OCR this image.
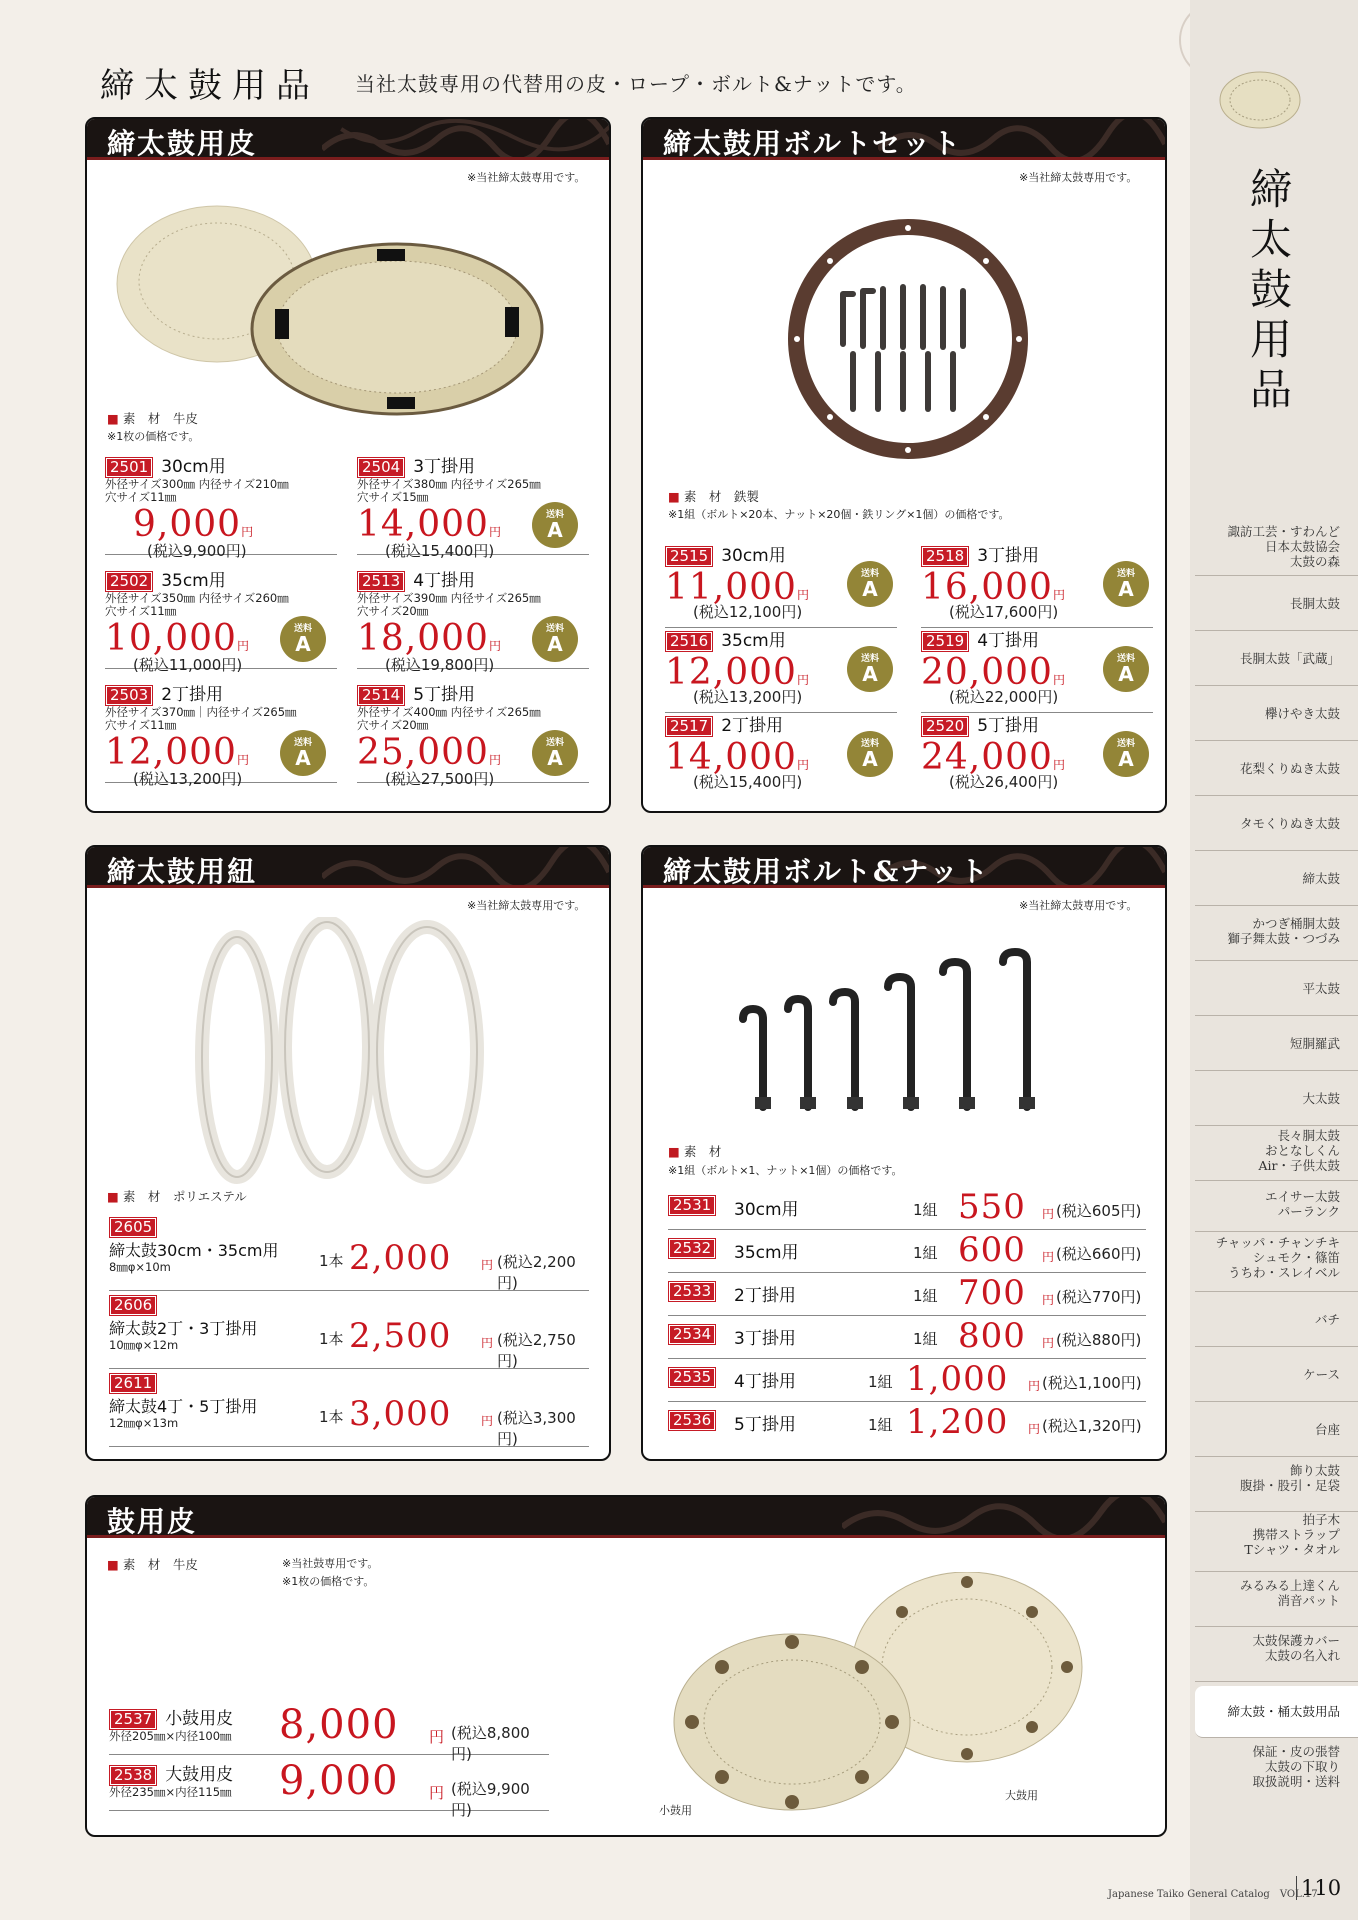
締太鼓用品 当社太鼓専用の代替用の皮・ロープ・ボルト&ナットです。
締太鼓用皮
※当社締太鼓専用です。
■ 素　材　牛皮
※1枚の価格です。
2501 30cm用
外径サイズ300㎜ 内径サイズ210㎜
穴サイズ11㎜
9,000円
(税込9,900円)
2504 3丁掛用
外径サイズ380㎜ 内径サイズ265㎜
穴サイズ15㎜
14,000円
(税込15,400円)
送料
A
2502 35cm用
外径サイズ350㎜ 内径サイズ260㎜
穴サイズ11㎜
10,000円
(税込11,000円)
送料
A
2513 4丁掛用
外径サイズ390㎜ 内径サイズ265㎜
穴サイズ20㎜
18,000円
(税込19,800円)
送料
A
2503 2丁掛用
外径サイズ370㎜｜内径サイズ265㎜
穴サイズ11㎜
12,000円
(税込13,200円)
送料
A
2514 5丁掛用
外径サイズ400㎜ 内径サイズ265㎜
穴サイズ20㎜
25,000円
(税込27,500円)
送料
A
締太鼓用ボルトセット
※当社締太鼓専用です。
■ 素　材　鉄製
※1組（ボルト×20本、ナット×20個・鉄リング×1個）の価格です。
2515 30cm用
11,000円
(税込12,100円)
送料
A
2518 3丁掛用
16,000円
(税込17,600円)
送料
A
2516 35cm用
12,000円
(税込13,200円)
送料
A
2519 4丁掛用
20,000円
(税込22,000円)
送料
A
2517 2丁掛用
14,000円
(税込15,400円)
送料
A
2520 5丁掛用
24,000円
(税込26,400円)
送料
A
締太鼓用紐
※当社締太鼓専用です。
■ 素　材　ポリエステル
2605
締太鼓30cm・35cm用
8㎜φ×10m	1本 2,000 円 (税込2,200円)
2606
締太鼓2丁・3丁掛用
10㎜φ×12m	1本 2,500 円 (税込2,750円)
2611
締太鼓4丁・5丁掛用
12㎜φ×13m	1本 3,000 円 (税込3,300円)
締太鼓用ボルト&ナット
※当社締太鼓専用です。
■ 素　材
※1組（ボルト×1、ナット×1個）の価格です。
2531 30cm用	1組 550 円 (税込605円)
2532 35cm用	1組 600 円 (税込660円)
2533 2丁掛用	1組 700 円 (税込770円)
2534 3丁掛用	1組 800 円 (税込880円)
2535 4丁掛用	1組 1,000 円 (税込1,100円)
2536 5丁掛用	1組 1,200 円 (税込1,320円)
鼓用皮
■ 素　材　牛皮	※当社鼓専用です。
※1枚の価格です。
2537 小鼓用皮
外径205㎜×内径100㎜	8,000 円 (税込8,800円)
2538 大鼓用皮
外径235㎜×内径115㎜	9,000 円 (税込9,900円)	小鼓用
大鼓用
締
太
鼓
用
品
諏訪工芸・すわんど
日本太鼓協会
太鼓の森
長胴太鼓
長胴太鼓「武蔵」
欅けやき太鼓
花梨くりぬき太鼓
タモくりぬき太鼓
締太鼓
かつぎ桶胴太鼓
獅子舞太鼓・つづみ
平太鼓
短胴羅武
大太鼓
長々胴太鼓
おとなしくん
Air・子供太鼓
エイサー太鼓
パーランク
チャッパ・チャンチキ
シュモク・篠笛
うちわ・スレイベル
バチ
ケース
台座
飾り太鼓
腹掛・股引・足袋
拍子木
携帯ストラップ
Tシャツ・タオル
みるみる上達くん
消音パット
太鼓保護カバー
太鼓の名入れ
締太鼓・桶太鼓用品
保証・皮の張替
太鼓の下取り
取扱説明・送料
Japanese Taiko General Catalog　VOL.17
110
